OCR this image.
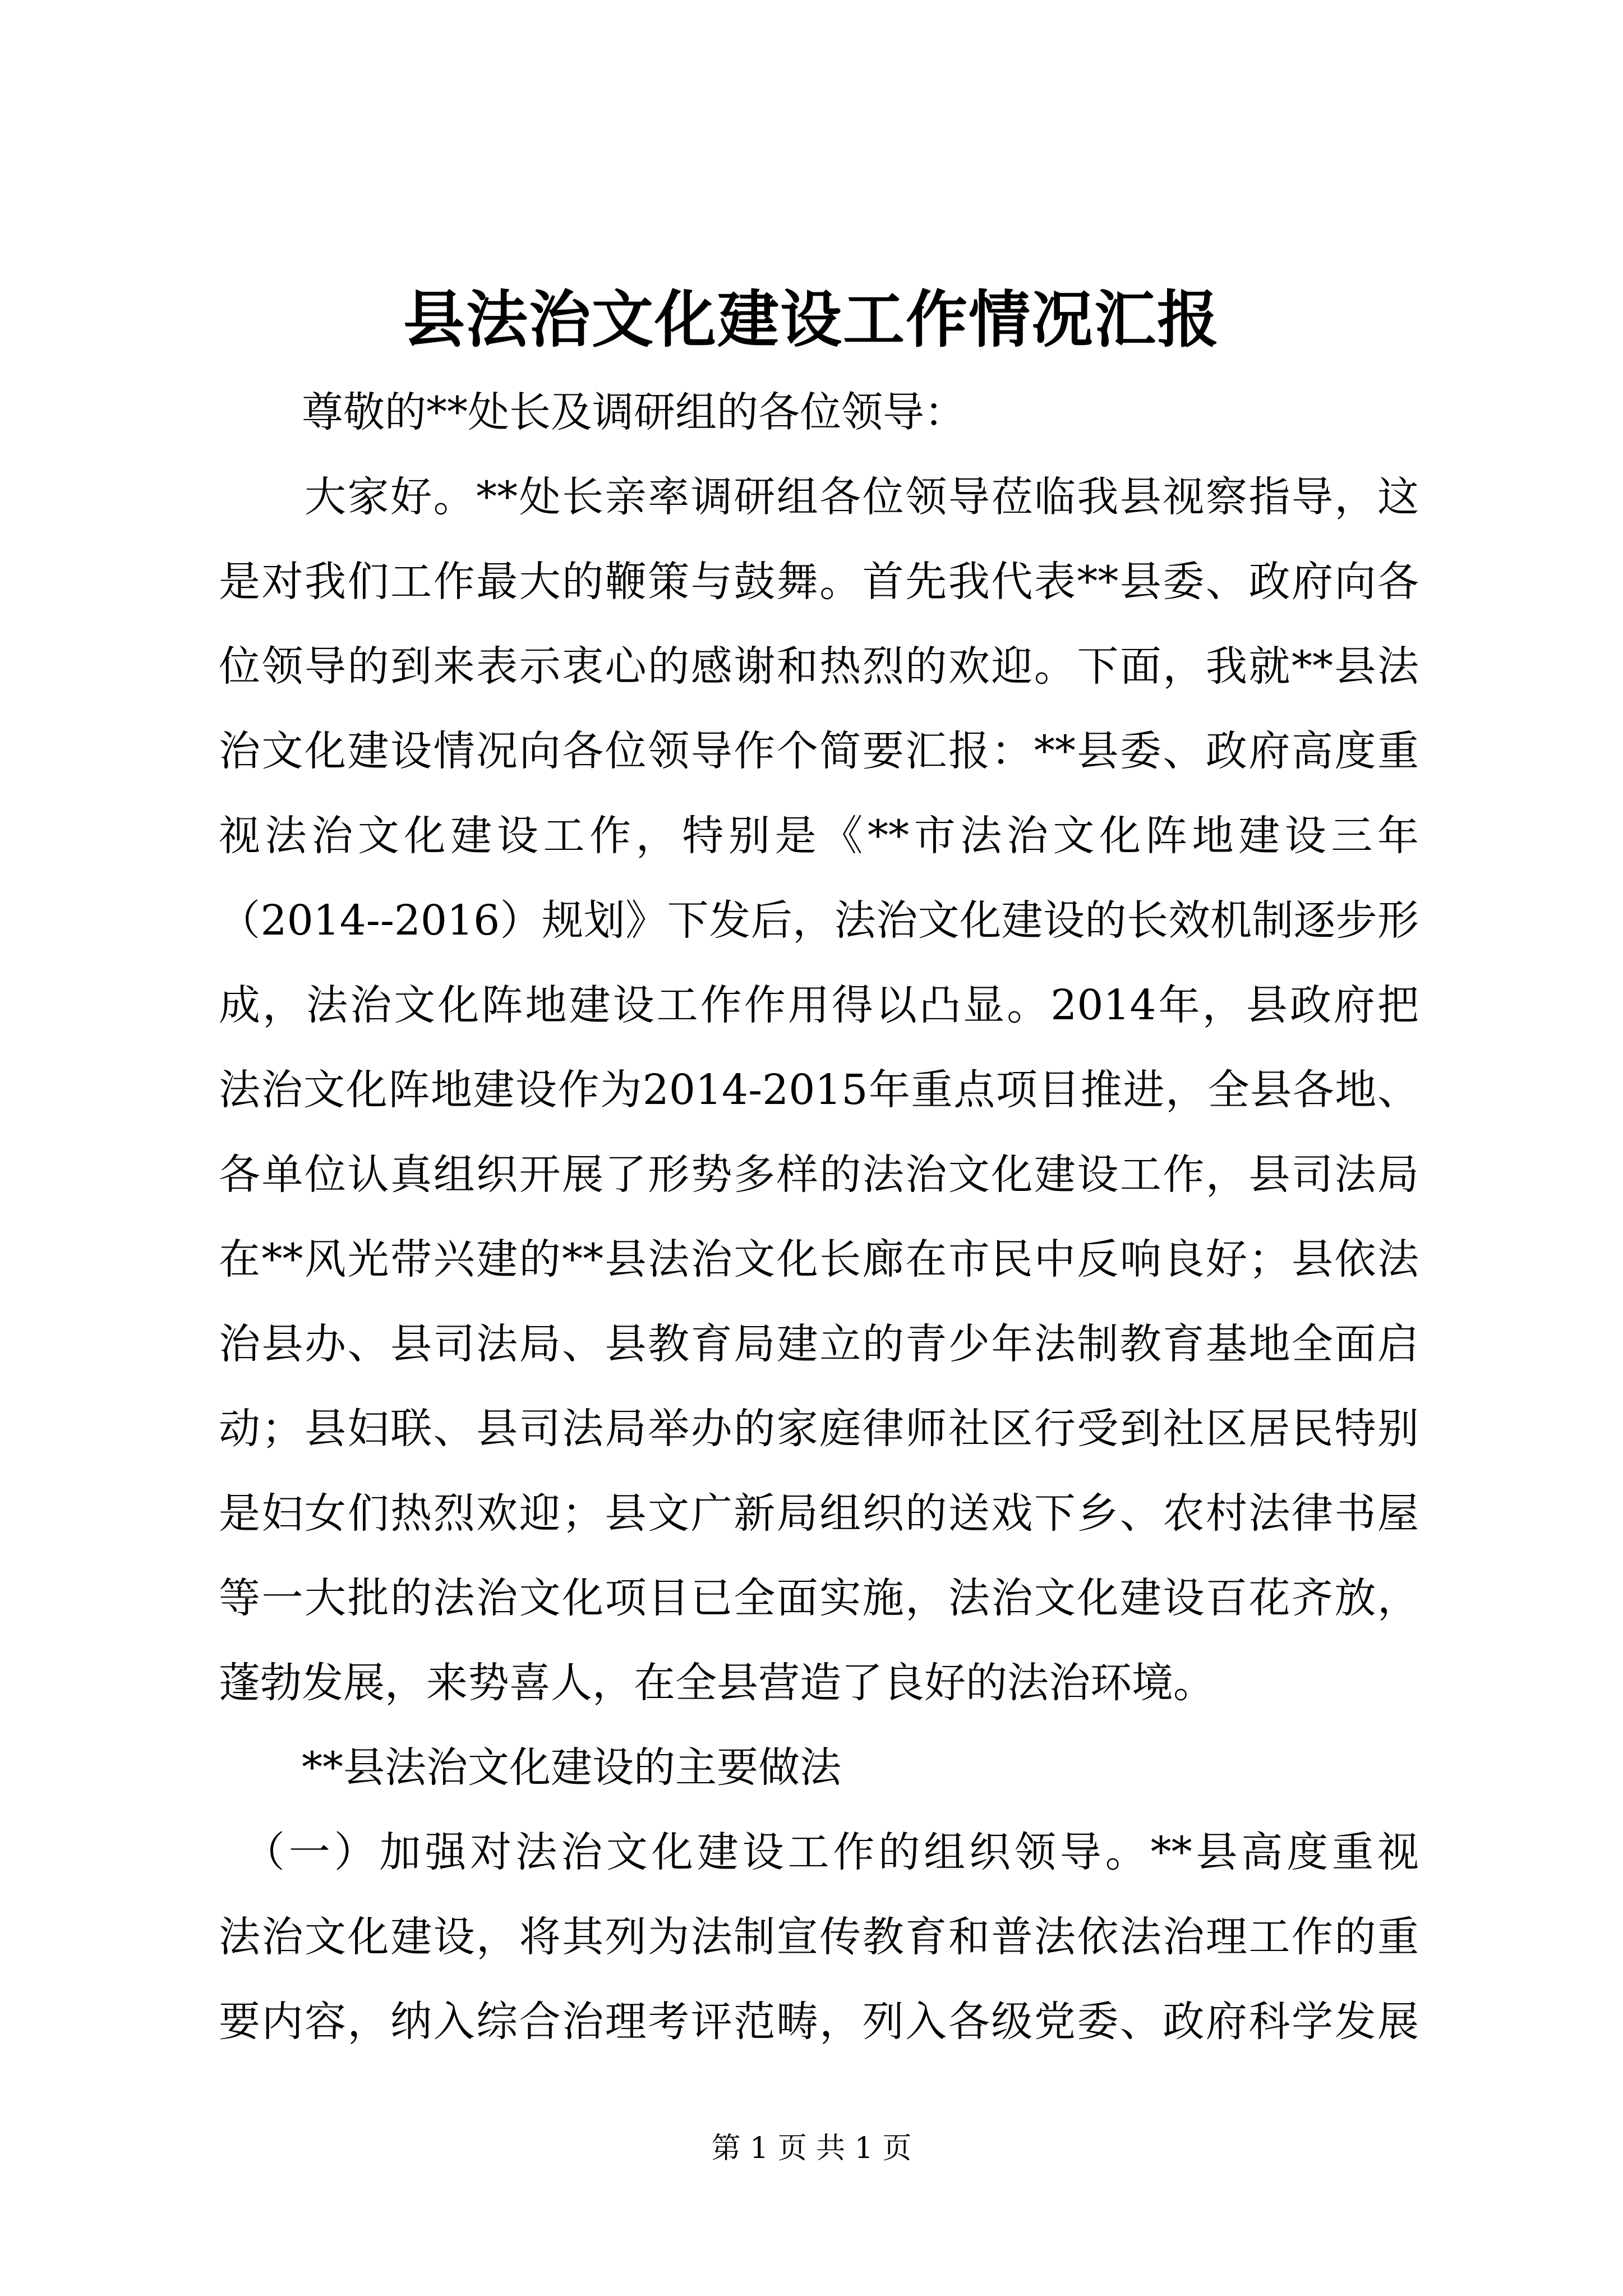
县法治文化建设工作情况汇报
　　尊敬的**处长及调研组的各位领导：
　　大家好。**处长亲率调研组各位领导莅临我县视察指导，这
是对我们工作最大的鞭策与鼓舞。首先我代表**县委、政府向各
位领导的到来表示衷心的感谢和热烈的欢迎。下面，我就**县法
治文化建设情况向各位领导作个简要汇报：**县委、政府高度重
视法治文化建设工作，特别是《**市法治文化阵地建设三年
（2014--2016）规划》下发后，法治文化建设的长效机制逐步形
成，法治文化阵地建设工作作用得以凸显。2014年，县政府把
法治文化阵地建设作为2014-2015年重点项目推进，全县各地、
各单位认真组织开展了形势多样的法治文化建设工作，县司法局
在**风光带兴建的**县法治文化长廊在市民中反响良好；县依法
治县办、县司法局、县教育局建立的青少年法制教育基地全面启
动；县妇联、县司法局举办的家庭律师社区行受到社区居民特别
是妇女们热烈欢迎；县文广新局组织的送戏下乡、农村法律书屋
等一大批的法治文化项目已全面实施，法治文化建设百花齐放，
蓬勃发展，来势喜人，在全县营造了良好的法治环境。
　　**县法治文化建设的主要做法
　（一）加强对法治文化建设工作的组织领导。**县高度重视
法治文化建设，将其列为法制宣传教育和普法依法治理工作的重
要内容，纳入综合治理考评范畴，列入各级党委、政府科学发展
第 1 页 共 1 页
